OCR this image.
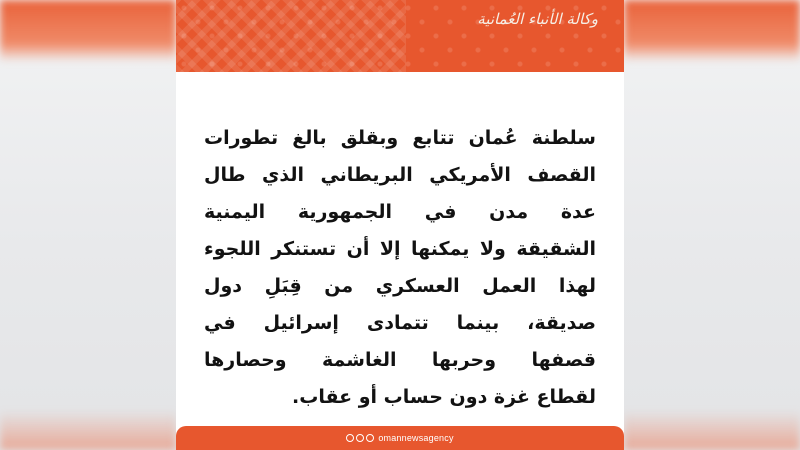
وكالة الأنباء العُمانية
سلطنة عُمان تتابع وبقلق بالغ تطورات
القصف الأمريكي البريطاني الذي طال
عدة مدن في الجمهورية اليمنية
الشقيقة ولا يمكنها إلا أن تستنكر اللجوء
لهذا العمل العسكري من قِبَلِ دول
صديقة، بينما تتمادى إسرائيل في
قصفها وحربها الغاشمة وحصارها
لقطاع غزة دون حساب أو عقاب.
omannewsagency
